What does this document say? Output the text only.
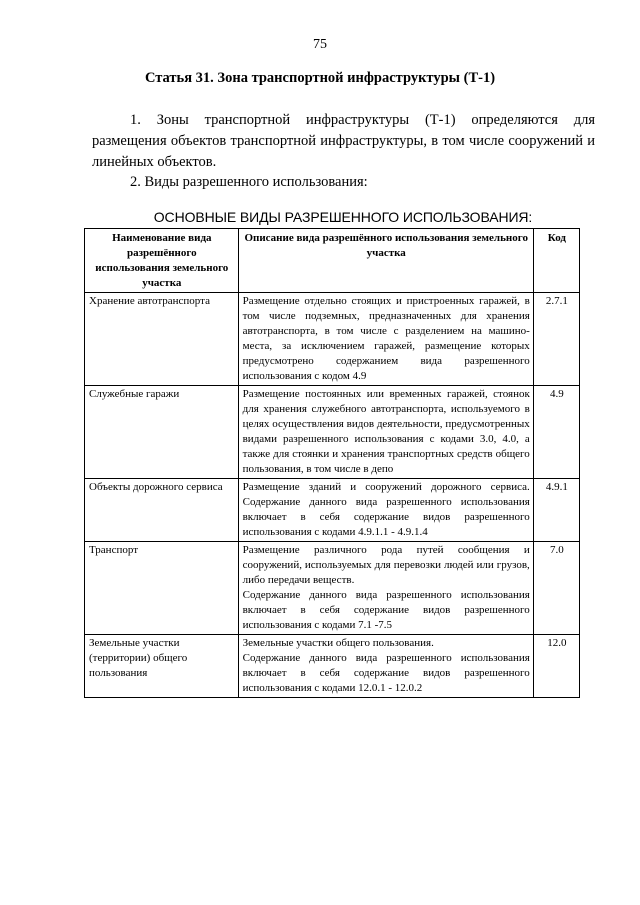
75
Статья 31. Зона транспортной инфраструктуры (Т-1)
1. Зоны транспортной инфраструктуры (Т-1) определяются для размещения объектов транспортной инфраструктуры, в том числе сооружений и линейных объектов.
2. Виды разрешенного использования:
ОСНОВНЫЕ ВИДЫ РАЗРЕШЕННОГО ИСПОЛЬЗОВАНИЯ:
Наименование вида разрешённого использования земельного участка	Описание вида разрешённого использования земельного участка	Код
Хранение автотранспорта	Размещение отдельно стоящих и пристроенных гаражей, в том числе подземных, предназначенных для хранения автотранспорта, в том числе с разделением на машино-места, за исключением гаражей, размещение которых предусмотрено содержанием вида разрешенного использования с кодом 4.9	2.7.1
Служебные гаражи	Размещение постоянных или временных гаражей, стоянок для хранения служебного автотранспорта, используемого в целях осуществления видов деятельности, предусмотренных видами разрешенного использования с кодами 3.0, 4.0, а также для стоянки и хранения транспортных средств общего пользования, в том числе в депо	4.9
Объекты дорожного сервиса	Размещение зданий и сооружений дорожного сервиса. Содержание данного вида разрешенного использования включает в себя содержание видов разрешенного использования с кодами 4.9.1.1 - 4.9.1.4	4.9.1
Транспорт	Размещение различного рода путей сообщения и сооружений, используемых для перевозки людей или грузов, либо передачи веществ.
Содержание данного вида разрешенного использования включает в себя содержание видов разрешенного использования с кодами 7.1 -7.5	7.0
Земельные участки (территории) общего пользования	Земельные участки общего пользования.
Содержание данного вида разрешенного использования включает в себя содержание видов разрешенного использования с кодами 12.0.1 - 12.0.2	12.0
